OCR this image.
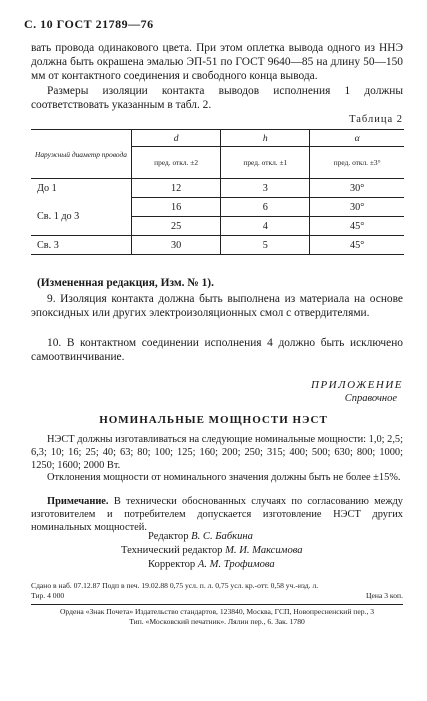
С. 10 ГОСТ 21789—76
вать провода одинакового цвета. При этом оплетка вывода одного из ННЭ должна быть окрашена эмалью ЭП-51 по ГОСТ 9640—85 на длину 50—150 мм от контактного соединения и свободного конца вывода.
Размеры изоляции контакта выводов исполнения 1 должны соответствовать указанным в табл. 2.
Таблица 2
Наружный диаметр провода	d	h	α
	пред. откл. ±2	пред. откл. ±1	пред. откл. ±3°
До 1	12	3	30°
Св. 1 до 3	16	6	30°
	25	4	45°
Св. 3	30	5	45°
(Измененная редакция, Изм. № 1).
9. Изоляция контакта должна быть выполнена из материала на основе эпоксидных или других электроизоляционных смол с отвердителями.
10. В контактном соединении исполнения 4 должно быть исключено самоотвинчивание.
ПРИЛОЖЕНИЕ
Справочное
НОМИНАЛЬНЫЕ МОЩНОСТИ НЭСТ
НЭСТ должны изготавливаться на следующие номинальные мощности: 1,0; 2,5; 6,3; 10; 16; 25; 40; 63; 80; 100; 125; 160; 200; 250; 315; 400; 500; 630; 800; 1000; 1250; 1600; 2000 Вт.
Отклонения мощности от номинального значения должны быть не более ±15%.
Примечание. В технически обоснованных случаях по согласованию между изготовителем и потребителем допускается изготовление НЭСТ других номинальных мощностей.
Редактор В. С. Бабкина
Технический редактор М. И. Максимова
Корректор А. М. Трофимова
Сдано в наб. 07.12.87 Подп в печ. 19.02.88 0,75 усл. п. л. 0,75 усл. кр.-отт. 0,58 уч.-изд. л.
Тир. 4 000	Цена 3 коп.
Ордена «Знак Почета» Издательство стандартов, 123840, Москва, ГСП, Новопресненский пер., 3
Тип. «Московский печатник». Лялин пер., 6. Зак. 1780
